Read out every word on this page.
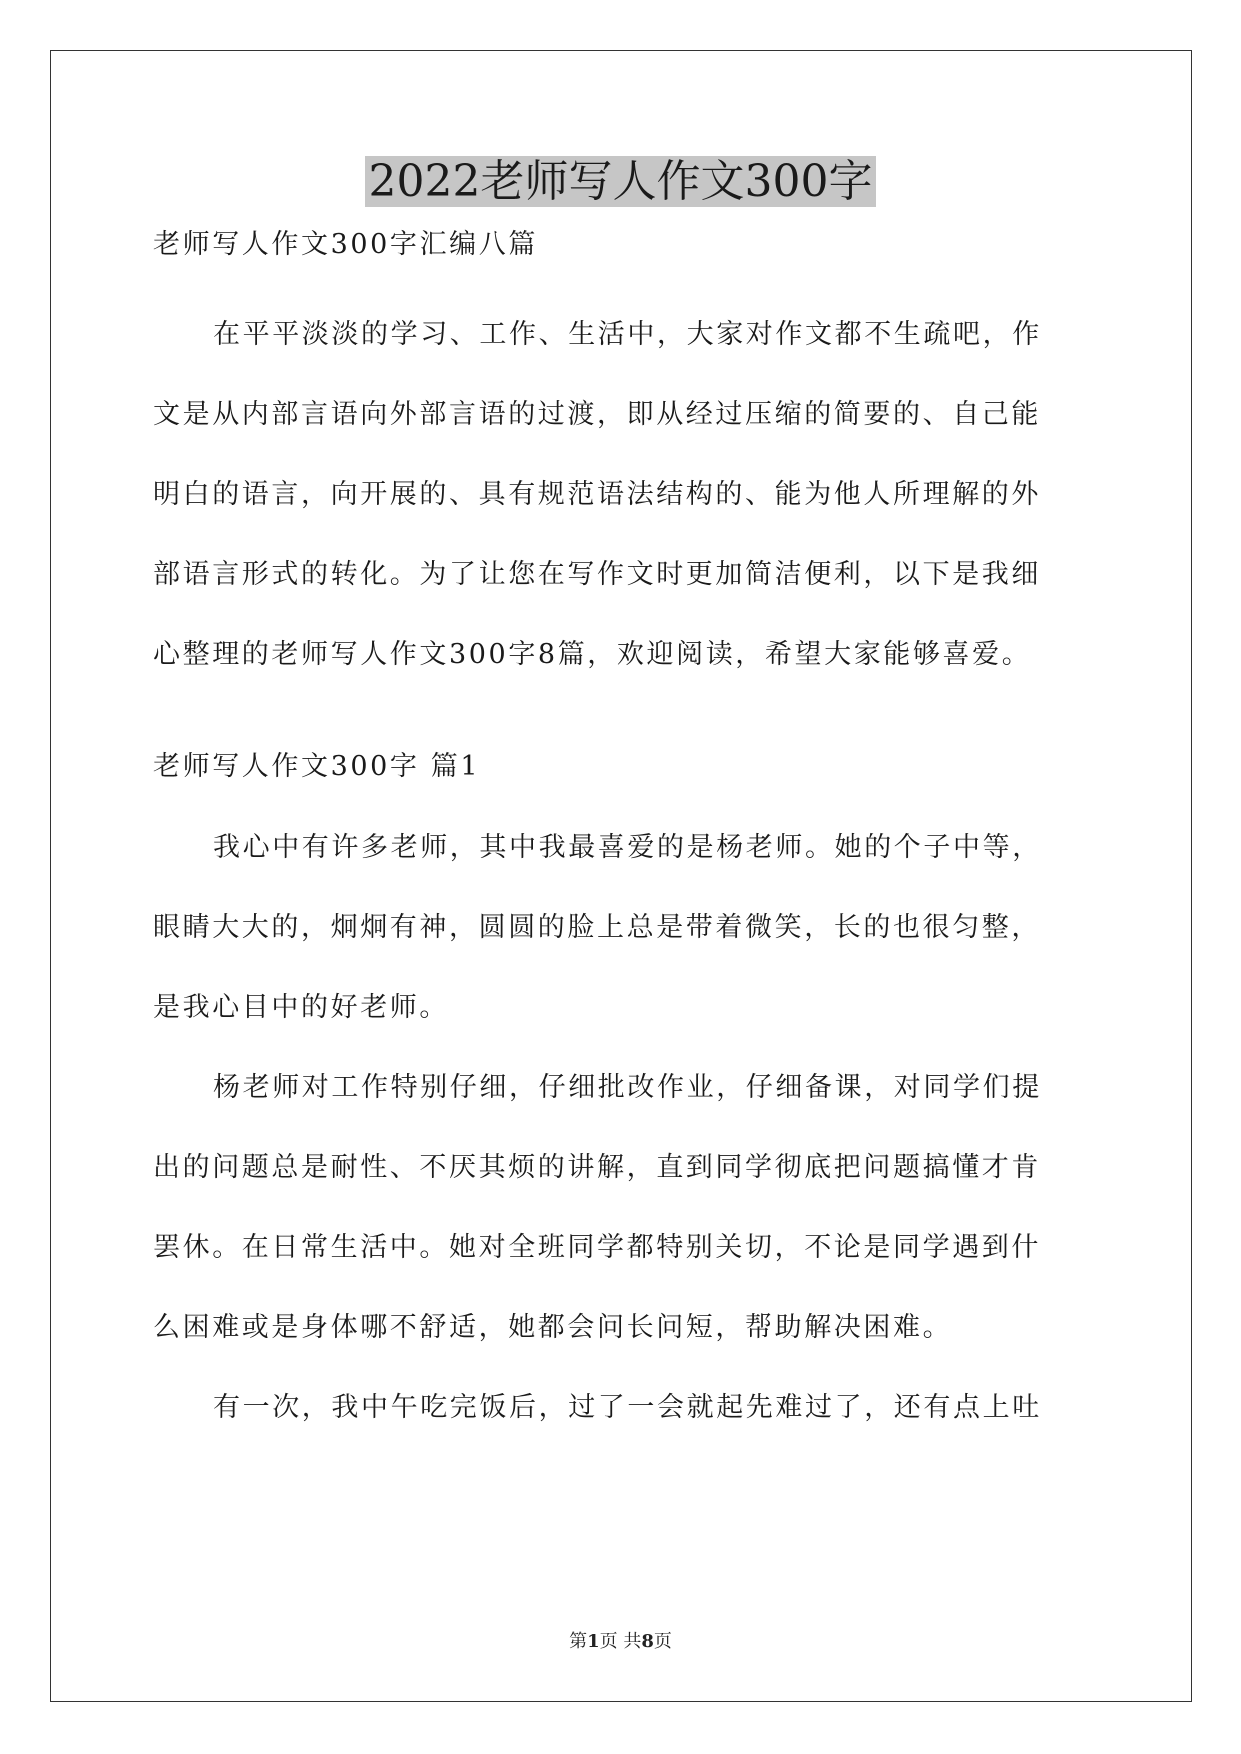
2022老师写人作文300字

老师写人作文300字汇编八篇

在平平淡淡的学习、工作、生活中，大家对作文都不生疏吧，作
文是从内部言语向外部言语的过渡，即从经过压缩的简要的、自己能
明白的语言，向开展的、具有规范语法结构的、能为他人所理解的外
部语言形式的转化。为了让您在写作文时更加简洁便利，以下是我细
心整理的老师写人作文300字8篇，欢迎阅读，希望大家能够喜爱。

老师写人作文300字 篇1

我心中有许多老师，其中我最喜爱的是杨老师。她的个子中等，
眼睛大大的，炯炯有神，圆圆的脸上总是带着微笑，长的也很匀整，
是我心目中的好老师。

杨老师对工作特别仔细，仔细批改作业，仔细备课，对同学们提
出的问题总是耐性、不厌其烦的讲解，直到同学彻底把问题搞懂才肯
罢休。在日常生活中。她对全班同学都特别关切，不论是同学遇到什
么困难或是身体哪不舒适，她都会问长问短，帮助解决困难。

有一次，我中午吃完饭后，过了一会就起先难过了，还有点上吐

第1页 共8页
